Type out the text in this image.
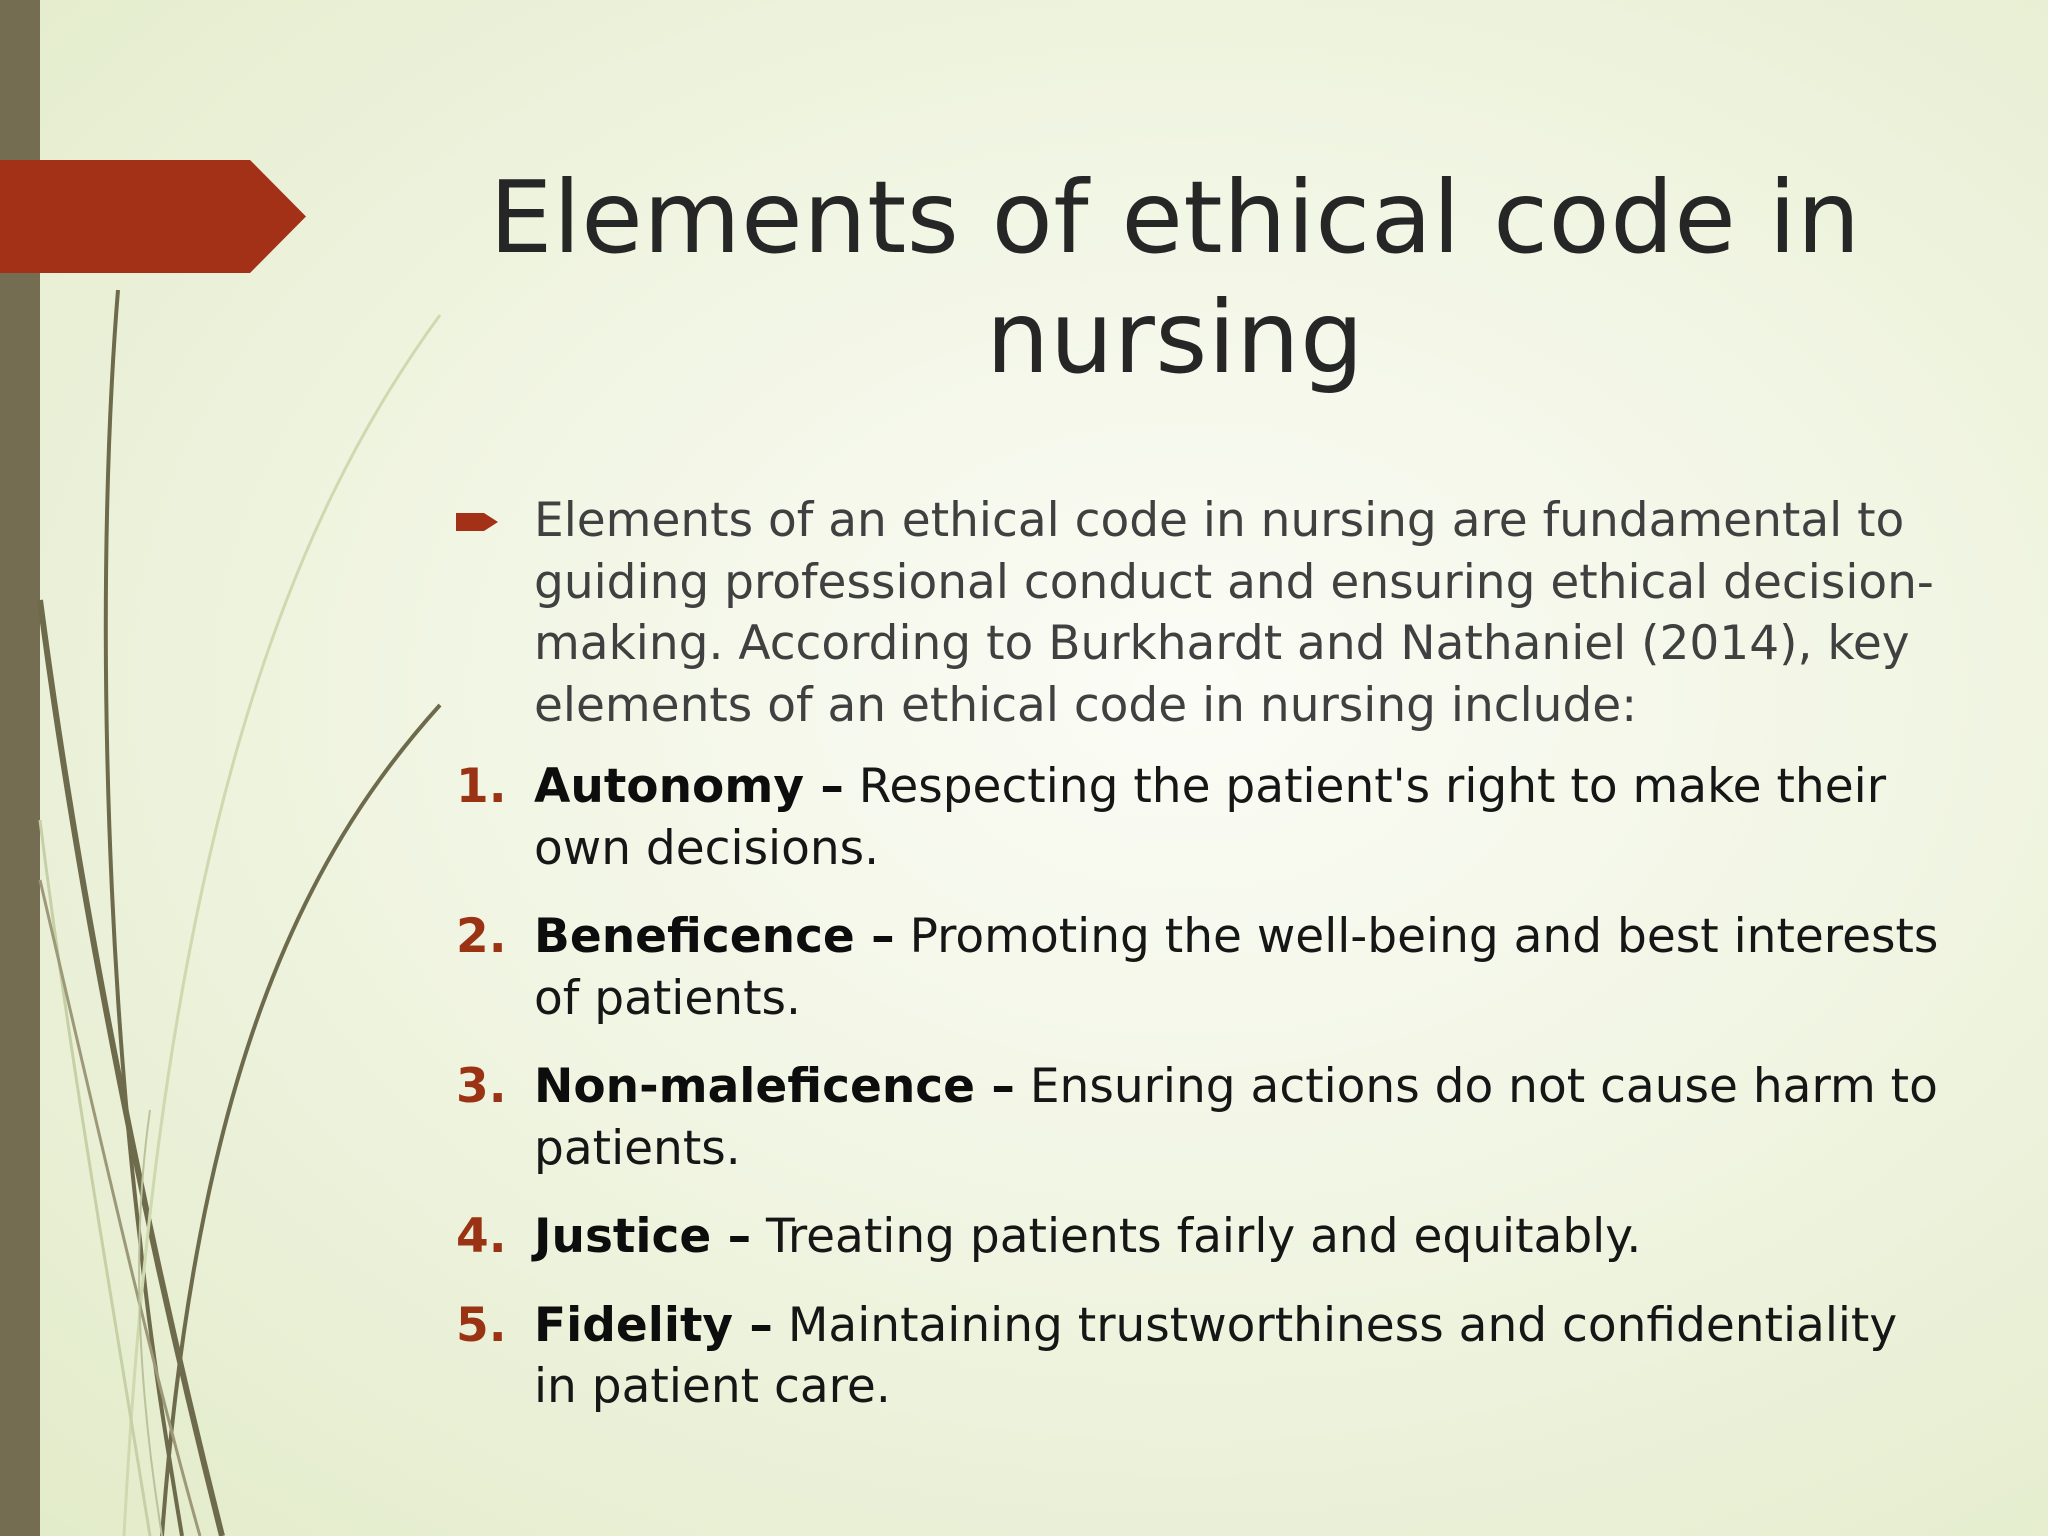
Elements of ethical code in nursing
Elements of an ethical code in nursing are fundamental to guiding professional conduct and ensuring ethical decision-making. According to Burkhardt and Nathaniel (2014), key elements of an ethical code in nursing include:
1. Autonomy – Respecting the patient's right to make their own decisions.
2. Beneficence – Promoting the well-being and best interests of patients.
3. Non-maleficence – Ensuring actions do not cause harm to patients.
4. Justice – Treating patients fairly and equitably.
5. Fidelity – Maintaining trustworthiness and confidentiality in patient care.
